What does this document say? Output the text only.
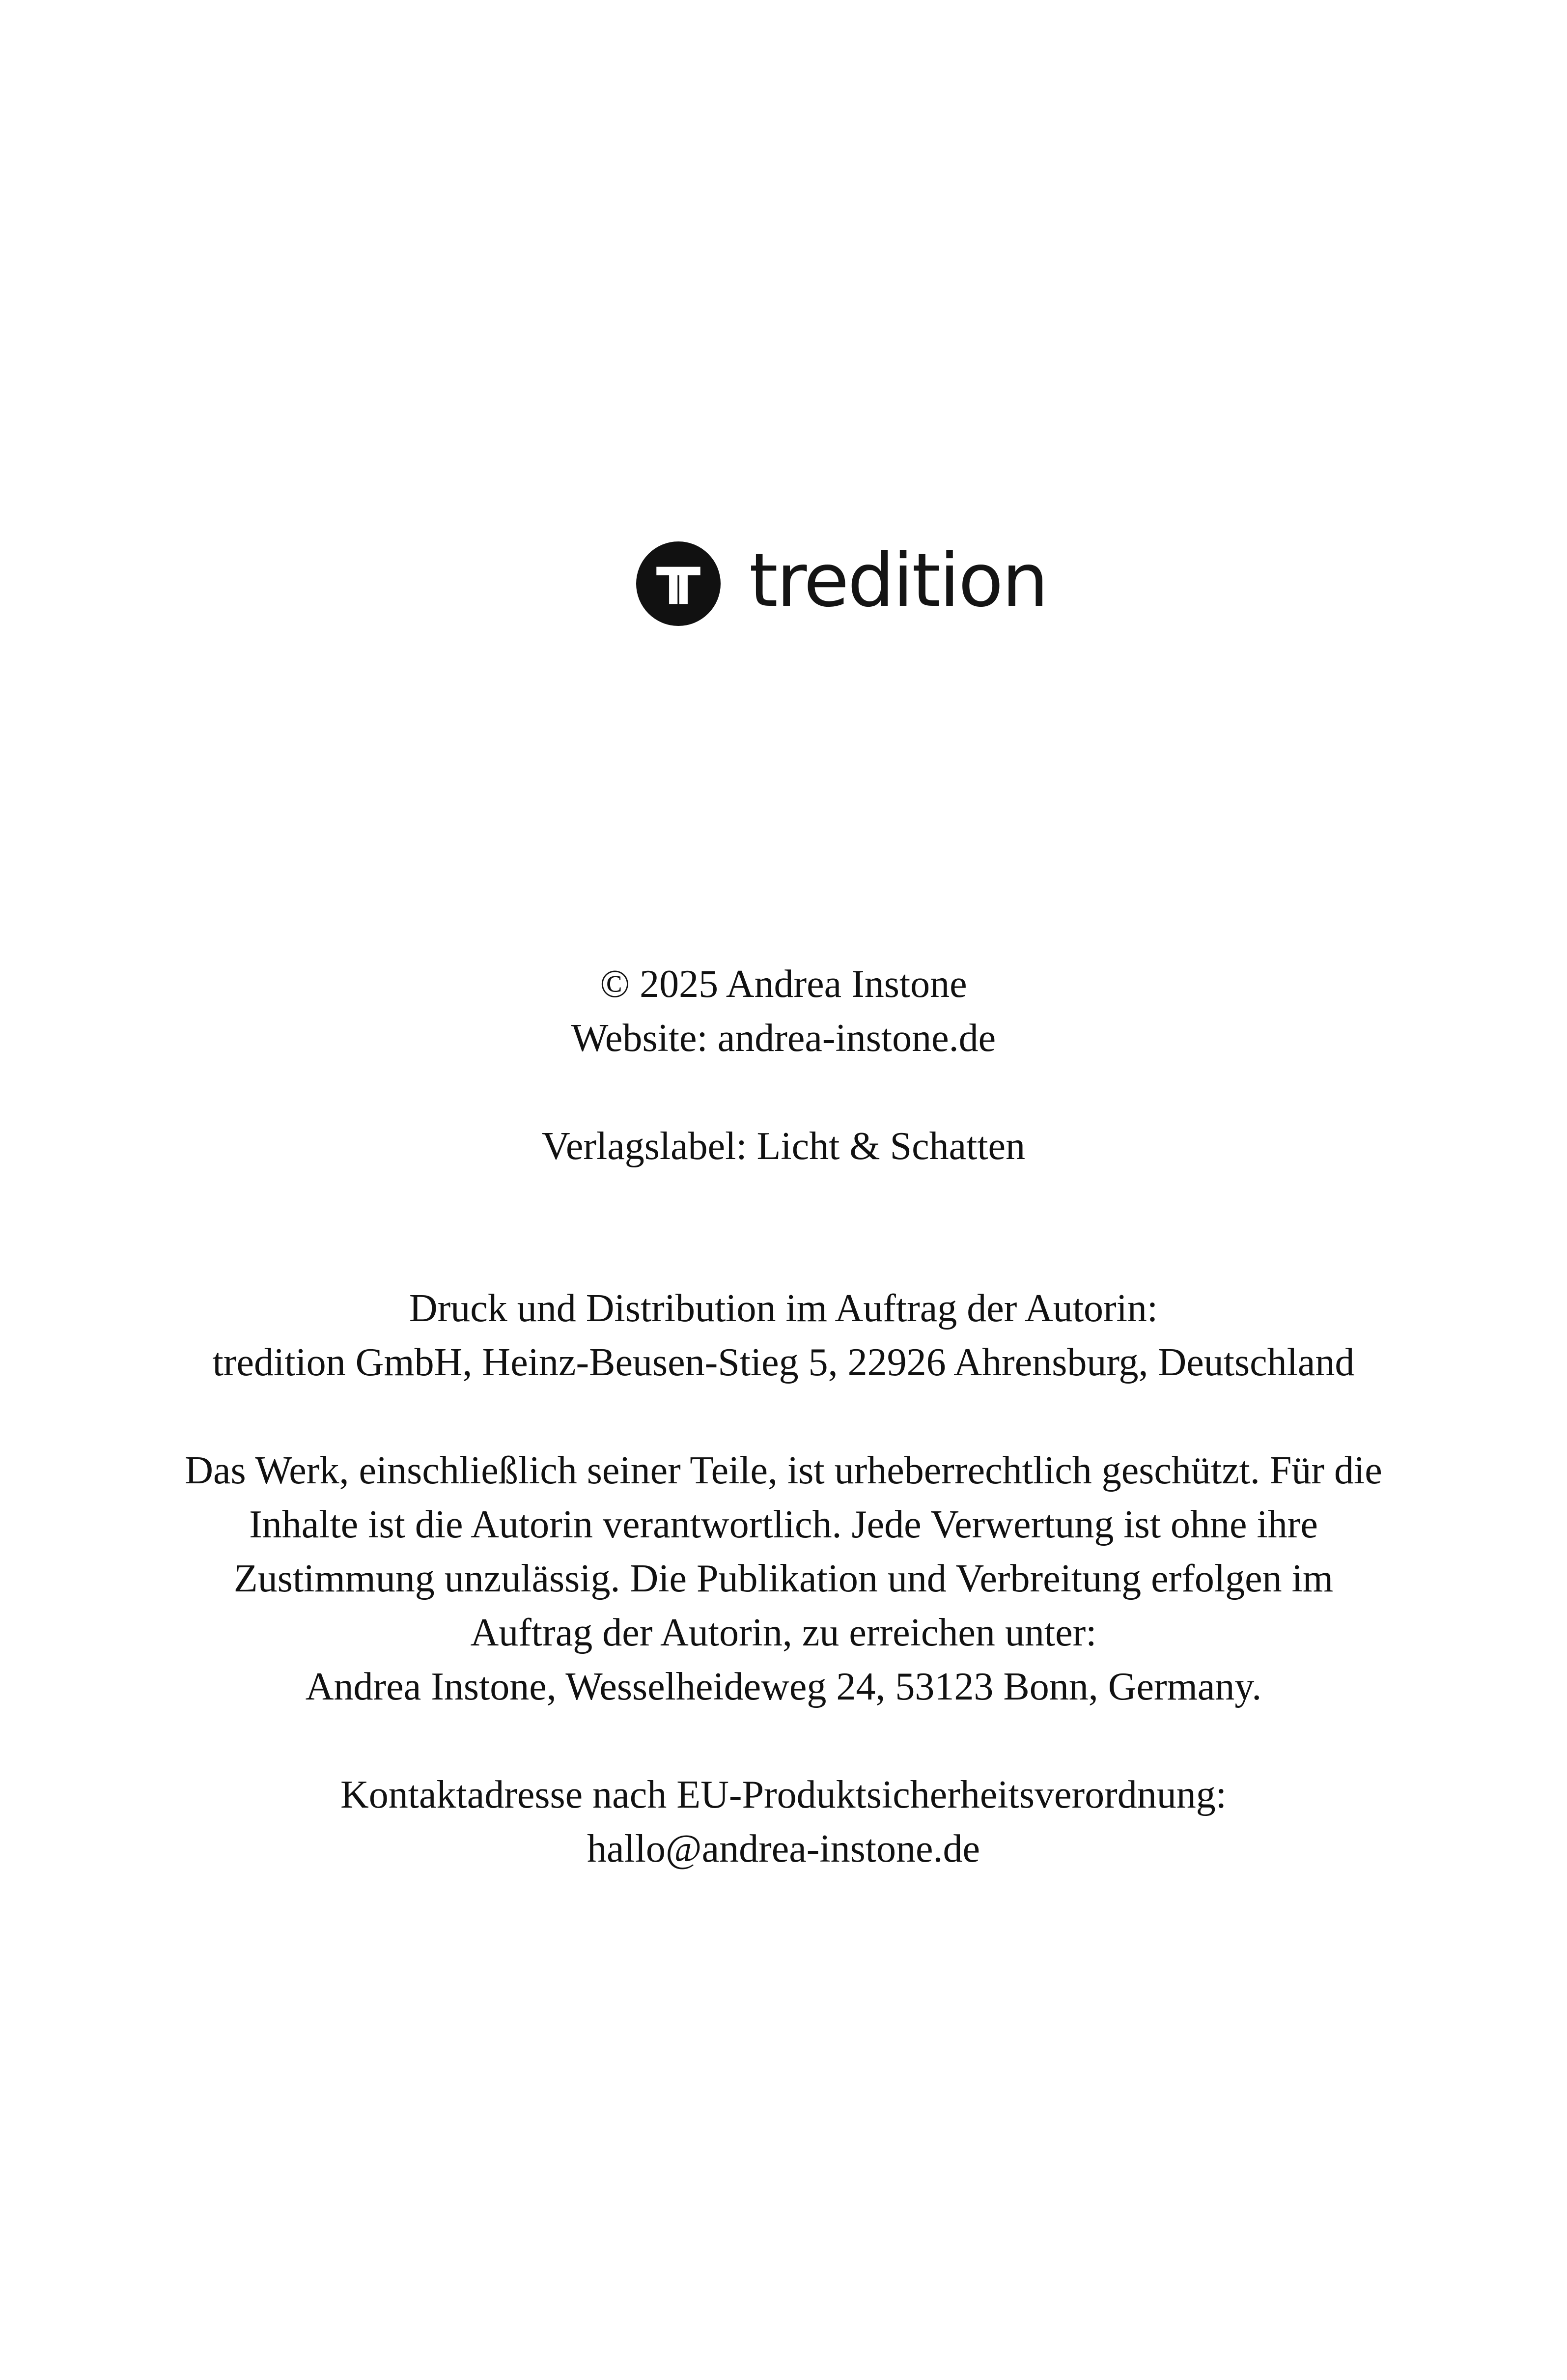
tredition
© 2025 Andrea Instone
Website: andrea-instone.de
Verlagslabel: Licht & Schatten
Druck und Distribution im Auftrag der Autorin:
tredition GmbH, Heinz-Beusen-Stieg 5, 22926 Ahrensburg, Deutschland
Das Werk, einschließlich seiner Teile, ist urheberrechtlich geschützt. Für die
Inhalte ist die Autorin verantwortlich. Jede Verwertung ist ohne ihre
Zustimmung unzulässig. Die Publikation und Verbreitung erfolgen im
Auftrag der Autorin, zu erreichen unter:
Andrea Instone, Wesselheideweg 24, 53123 Bonn, Germany.
Kontaktadresse nach EU-Produktsicherheitsverordnung:
hallo@andrea-instone.de
